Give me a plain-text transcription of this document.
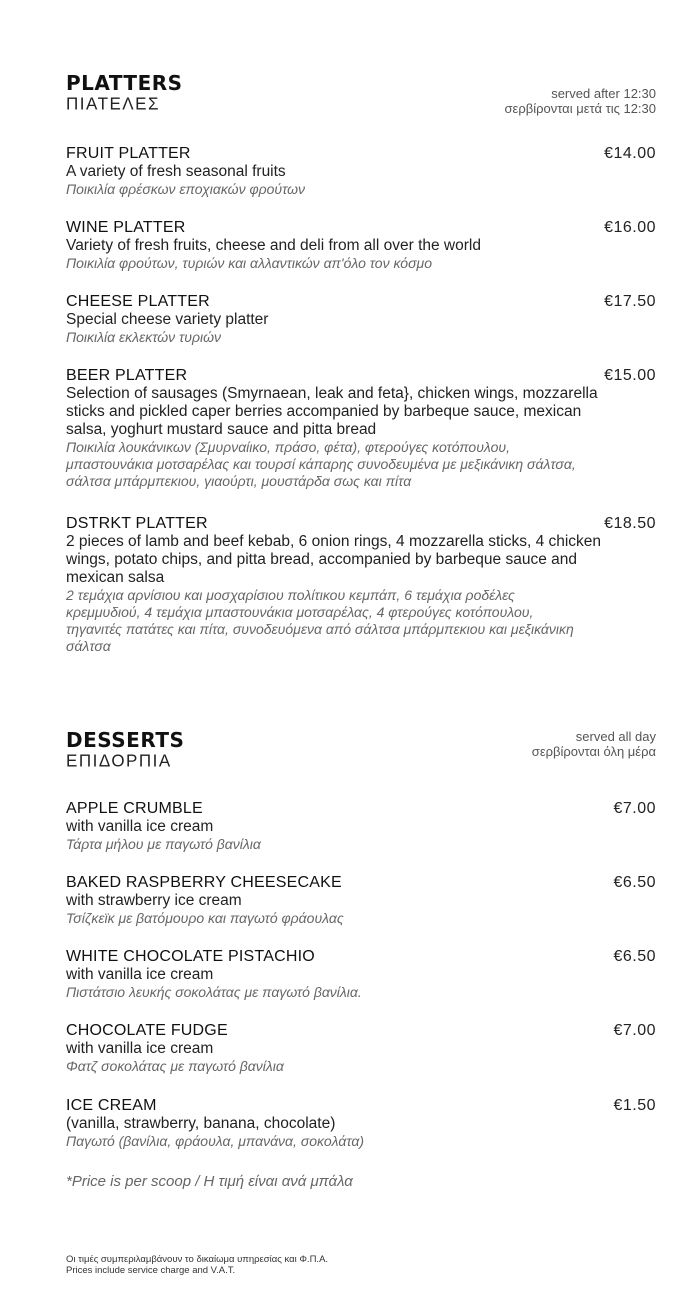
PLATTERS
ΠΙΑΤΕΛΕΣ
served after 12:30
σερβίρονται μετά τις 12:30
FRUIT PLATTER
A variety of fresh seasonal fruits
Ποικιλία φρέσκων εποχιακών φρούτων
€14.00
WINE PLATTER
Variety of fresh fruits, cheese and deli from all over the world
Ποικιλία φρούτων, τυριών και αλλαντικών απ'όλο τον κόσμο
€16.00
CHEESE PLATTER
Special cheese variety platter
Ποικιλία εκλεκτών τυριών
€17.50
BEER PLATTER
Selection of sausages (Smyrnaean, leak and feta}, chicken wings, mozzarella sticks and pickled caper berries accompanied by barbeque sauce, mexican salsa, yoghurt mustard sauce and pitta bread
Ποικιλία λουκάνικων (Σμυρναίικο, πράσο, φέτα), φτερούγες κοτόπουλου, μπαστουνάκια μοτσαρέλας και τουρσί κάπαρης συνοδευμένα με μεξικάνικη σάλτσα, σάλτσα μπάρμπεκιου, γιαούρτι, μουστάρδα σως και πίτα
€15.00
DSTRKT PLATTER
2 pieces of lamb and beef kebab, 6 onion rings, 4 mozzarella sticks, 4 chicken wings, potato chips, and pitta bread, accompanied by barbeque sauce and mexican salsa
2 τεμάχια αρνίσιου και μοσχαρίσιου πολίτικου κεμπάπ, 6 τεμάχια ροδέλες κρεμμυδιού, 4 τεμάχια μπαστουνάκια μοτσαρέλας, 4 φτερούγες κοτόπουλου, τηγανιτές πατάτες και πίτα, συνοδευόμενα από σάλτσα μπάρμπεκιου και μεξικάνικη σάλτσα
€18.50
DESSERTS
ΕΠΙΔΟΡΠΙΑ
served all day
σερβίρονται όλη μέρα
APPLE CRUMBLE
with vanilla ice cream
Τάρτα μήλου με παγωτό βανίλια
€7.00
BAKED RASPBERRY CHEESECAKE
with strawberry ice cream
Τσίζκεϊκ με βατόμουρο και παγωτό φράουλας
€6.50
WHITE CHOCOLATE PISTACHIO
with vanilla ice cream
Πιστάτσιο λευκής σοκολάτας με παγωτό βανίλια.
€6.50
CHOCOLATE FUDGE
with vanilla ice cream
Φατζ σοκολάτας με παγωτό βανίλια
€7.00
ICE CREAM
(vanilla, strawberry, banana, chocolate)
Παγωτό (βανίλια, φράουλα, μπανάνα, σοκολάτα)
€1.50
*Price is per scoop / Η τιμή είναι ανά μπάλα
Οι τιμές συμπεριλαμβάνουν το δικαίωμα υπηρεσίας και Φ.Π.Α.
Prices include service charge and V.A.T.
